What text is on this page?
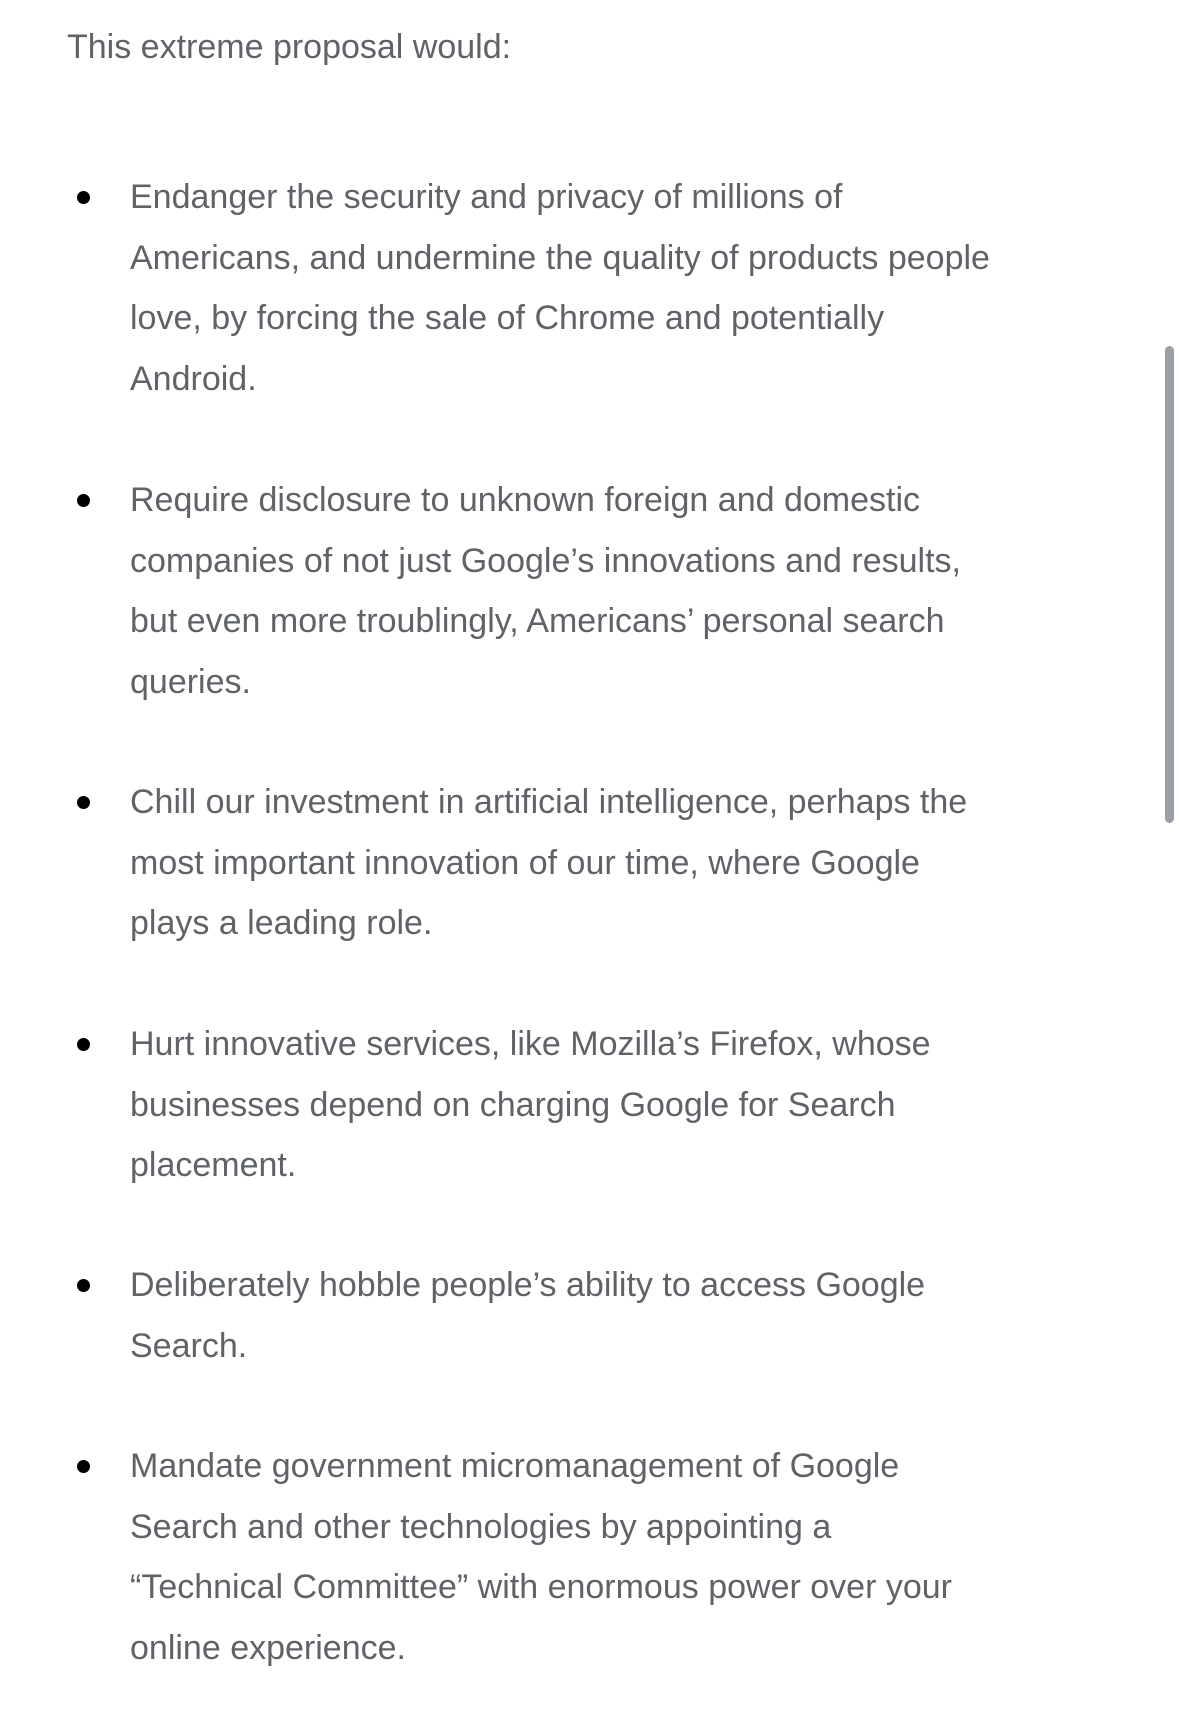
This extreme proposal would:

Endanger the security and privacy of millions of Americans, and undermine the quality of products people love, by forcing the sale of Chrome and potentially Android.

Require disclosure to unknown foreign and domestic companies of not just Google’s innovations and results, but even more troublingly, Americans’ personal search queries.

Chill our investment in artificial intelligence, perhaps the most important innovation of our time, where Google plays a leading role.

Hurt innovative services, like Mozilla’s Firefox, whose businesses depend on charging Google for Search placement.

Deliberately hobble people’s ability to access Google Search.

Mandate government micromanagement of Google Search and other technologies by appointing a “Technical Committee” with enormous power over your online experience.
